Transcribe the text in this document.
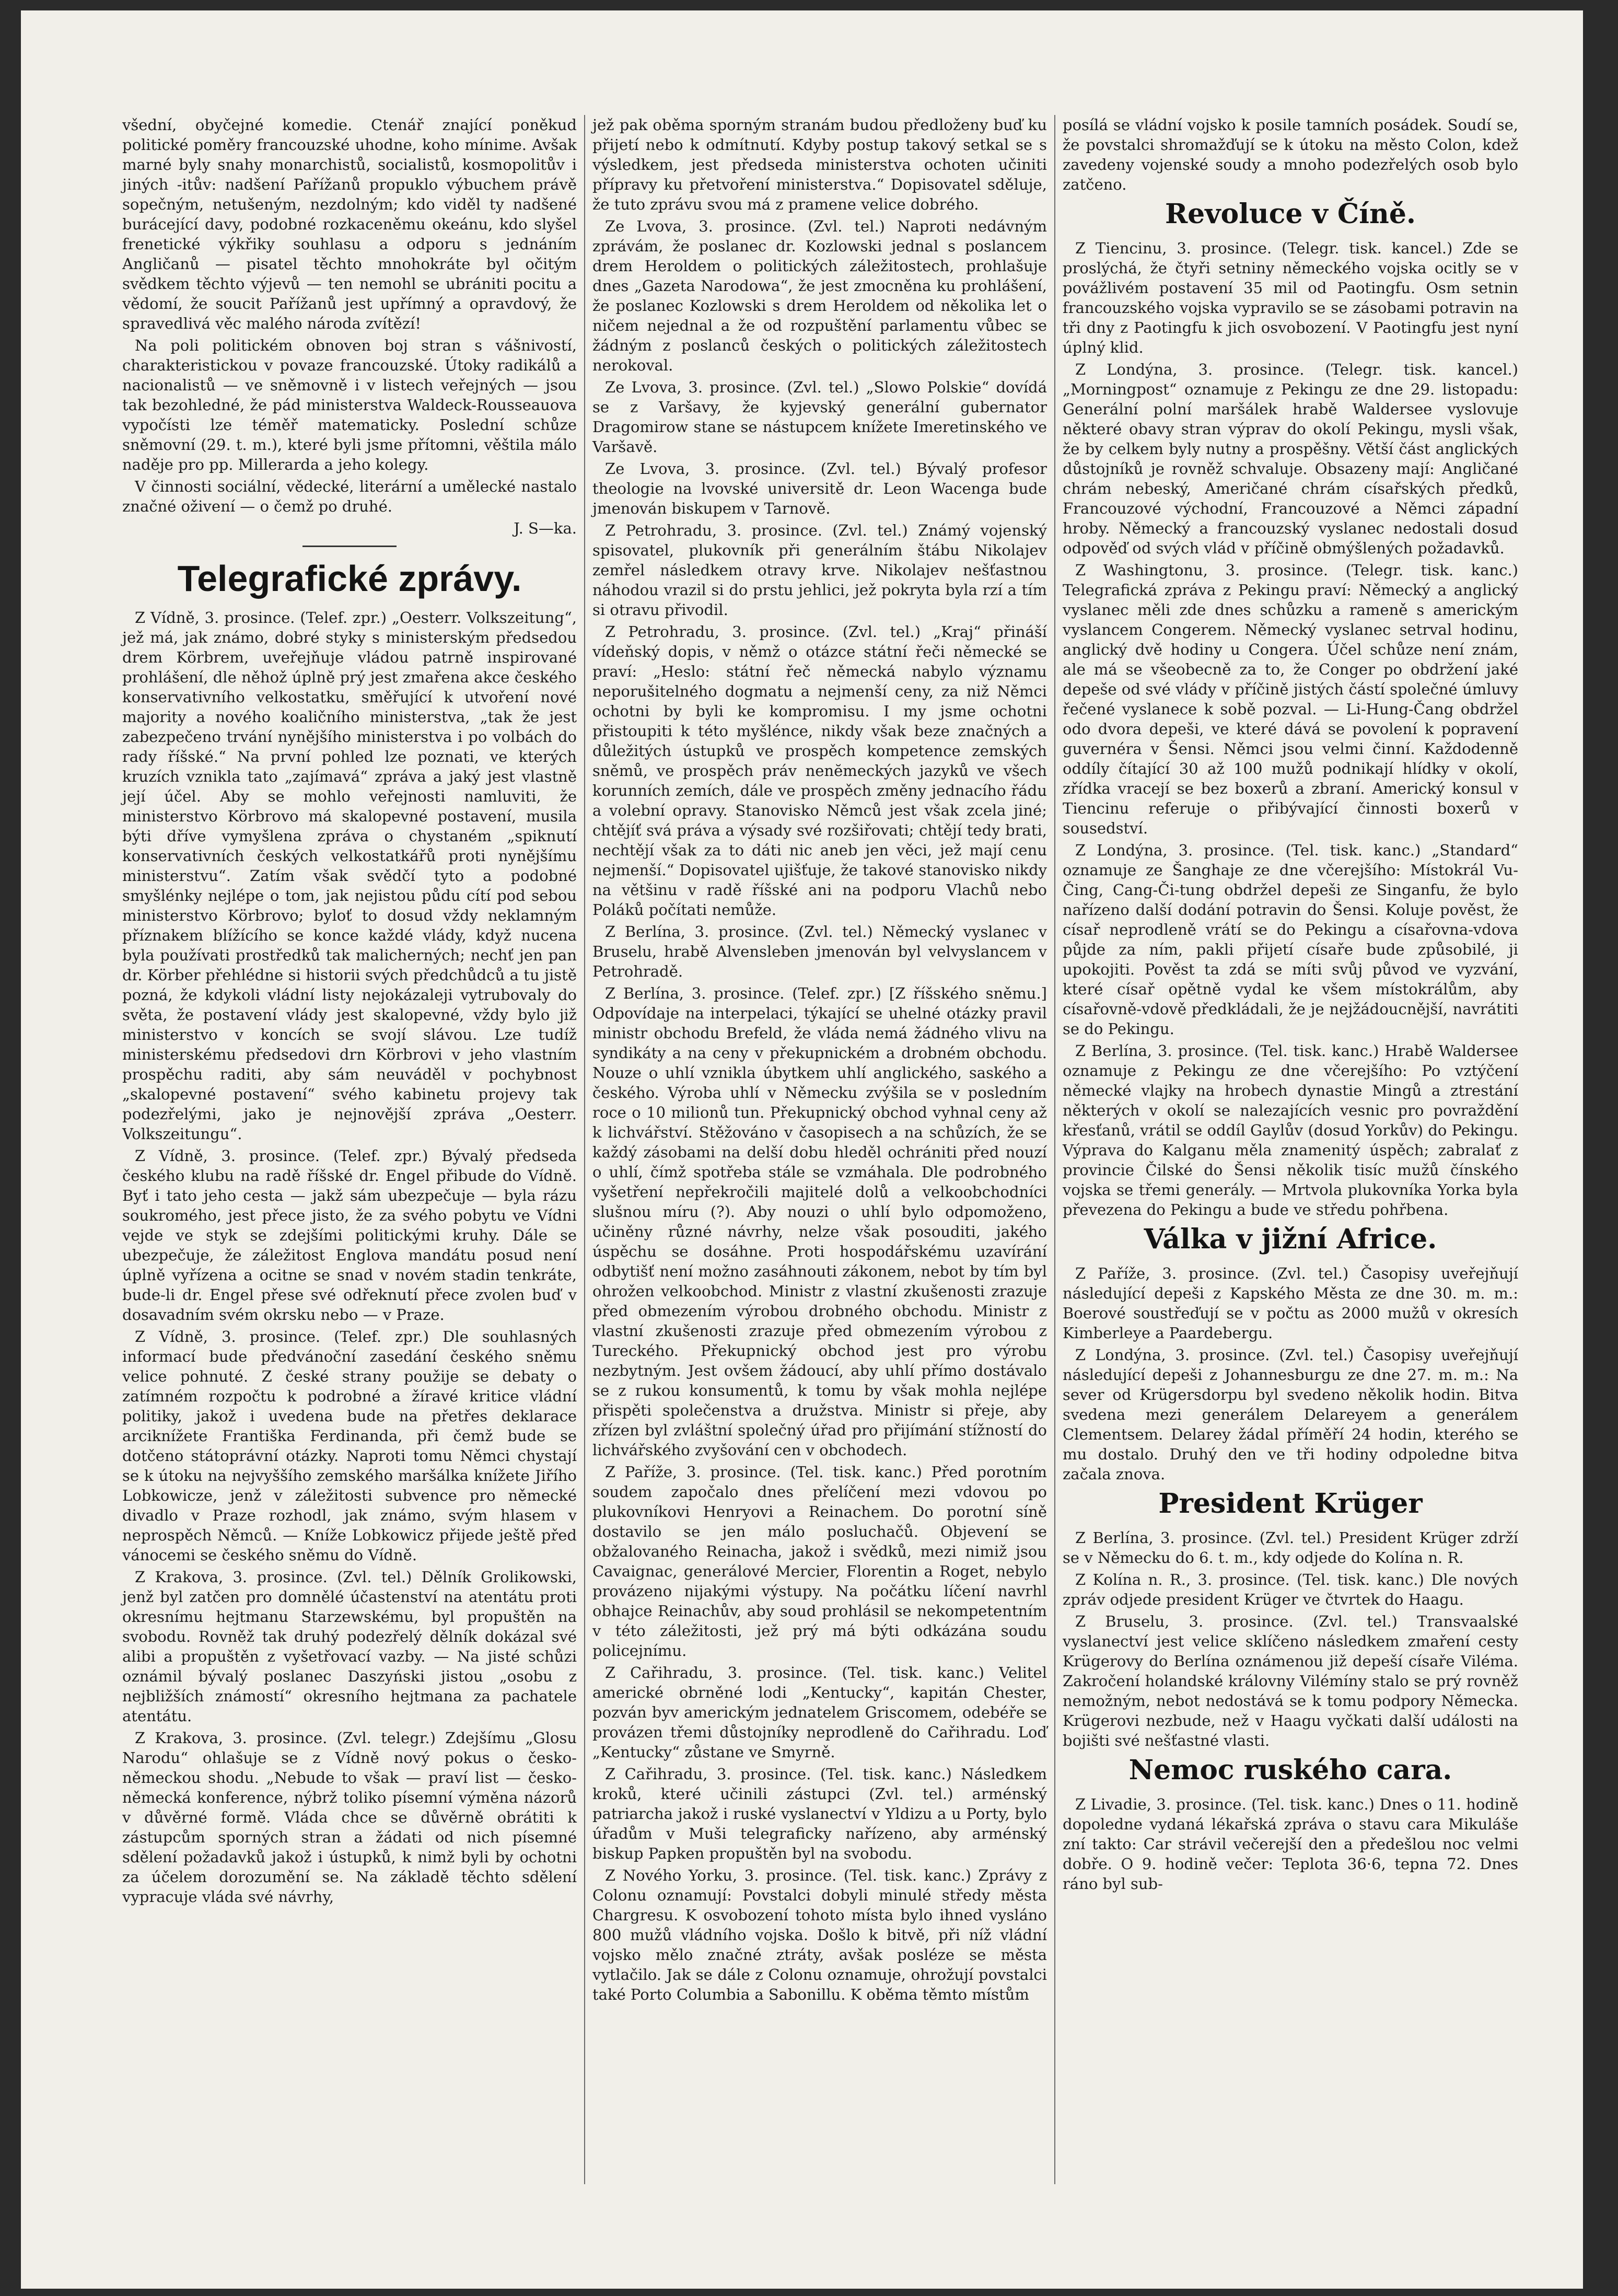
všední, obyčejné komedie. Ctenář znající poněkud politické poměry francouzské uhodne, koho mínime. Avšak marné byly snahy monarchistů, socialistů, kosmopolitův i jiných -itův: nadšení Pařížanů propuklo výbuchem právě sopečným, netušeným, nezdolným; kdo viděl ty nadšené burácející davy, podobné rozkaceněmu okeánu, kdo slyšel frenetické výkřiky souhlasu a odporu s jednáním Angličanů — pisatel těchto mnohokráte byl očitým svědkem těchto výjevů — ten nemohl se ubrániti pocitu a vědomí, že soucit Pařížanů jest upřímný a opravdový, že spravedlivá věc malého národa zvítězí!

Na poli politickém obnoven boj stran s vášnivostí, charakteristickou v povaze francouzské. Útoky radikálů a nacionalistů — ve sněmovně i v listech veřejných — jsou tak bezohledné, že pád ministerstva Waldeck-Rousseauova vypočísti lze téměř matematicky. Poslední schůze sněmovní (29. t. m.), které byli jsme přítomni, věštila málo naděje pro pp. Millerarda a jeho kolegy.

V činnosti sociální, vědecké, literární a umělecké nastalo značné oživení — o čemž po druhé.

J. S—ka.

Telegrafické zprávy.

Z Vídně, 3. prosince. (Telef. zpr.) „Oesterr. Volkszeitung“, jež má, jak známo, dobré styky s ministerským předsedou drem Körbrem, uveřejňuje vládou patrně inspirované prohlášení, dle něhož úplně prý jest zmařena akce českého konservativního velkostatku, směřující k utvoření nové majority a nového koaličního ministerstva, „tak že jest zabezpečeno trvání nynějšího ministerstva i po volbách do rady říšské.“ Na první pohled lze poznati, ve kterých kruzích vznikla tato „zajímavá“ zpráva a jaký jest vlastně její účel. Aby se mohlo veřejnosti namluviti, že ministerstvo Körbrovo má skalopevné postavení, musila býti dříve vymyšlena zpráva o chystaném „spiknutí konservativních českých velkostatkářů proti nynějšímu ministerstvu“. Zatím však svědčí tyto a podobné smyšlénky nejlépe o tom, jak nejistou půdu cítí pod sebou ministerstvo Körbrovo; byloť to dosud vždy neklamným příznakem blížícího se konce každé vlády, když nucena byla používati prostředků tak malicherných; nechť jen pan dr. Körber přehlédne si historii svých předchůdců a tu jistě pozná, že kdykoli vládní listy nejokázaleji vytrubovaly do světa, že postavení vlády jest skalopevné, vždy bylo již ministerstvo v koncích se svojí slávou. Lze tudíž ministerskému předsedovi drn Körbrovi v jeho vlastním prospěchu raditi, aby sám neuváděl v pochybnost „skalopevné postavení“ svého kabinetu projevy tak podezřelými, jako je nejnovější zpráva „Oesterr. Volkszeitungu“.

Z Vídně, 3. prosince. (Telef. zpr.) Bývalý předseda českého klubu na radě říšské dr. Engel přibude do Vídně. Byť i tato jeho cesta — jakž sám ubezpečuje — byla rázu soukromého, jest přece jisto, že za svého pobytu ve Vídni vejde ve styk se zdejšími politickými kruhy. Dále se ubezpečuje, že záležitost Englova mandátu posud není úplně vyřízena a ocitne se snad v novém stadin tenkráte, bude-li dr. Engel přese své odřeknutí přece zvolen buď v dosavadním svém okrsku nebo — v Praze.

Z Vídně, 3. prosince. (Telef. zpr.) Dle souhlasných informací bude předvánoční zasedání českého sněmu velice pohnuté. Z české strany použije se debaty o zatímném rozpočtu k podrobné a žíravé kritice vládní politiky, jakož i uvedena bude na přetřes deklarace arciknížete Františka Ferdinanda, při čemž bude se dotčeno státoprávní otázky. Naproti tomu Němci chystají se k útoku na nejvyššího zemského maršálka knížete Jiřího Lobkowicze, jenž v záležitosti subvence pro německé divadlo v Praze rozhodl, jak známo, svým hlasem v neprospěch Němců. — Kníže Lobkowicz přijede ještě před vánocemi se českého sněmu do Vídně.

Z Krakova, 3. prosince. (Zvl. tel.) Dělník Grolikowski, jenž byl zatčen pro domnělé účastenství na atentátu proti okresnímu hejtmanu Starzewskému, byl propuštěn na svobodu. Rovněž tak druhý podezřelý dělník dokázal své alibi a propuštěn z vyšetřovací vazby. — Na jisté schůzi oznámil bývalý poslanec Daszyński jistou „osobu z nejbližších známostí“ okresního hejtmana za pachatele atentátu.

Z Krakova, 3. prosince. (Zvl. telegr.) Zdejšímu „Glosu Narodu“ ohlašuje se z Vídně nový pokus o česko-německou shodu. „Nebude to však — praví list — česko-německá konference, nýbrž toliko písemní výměna názorů v důvěrné formě. Vláda chce se důvěrně obrátiti k zástupcům sporných stran a žádati od nich písemné sdělení požadavků jakož i ústupků, k nimž byli by ochotni za účelem dorozumění se. Na základě těchto sdělení vypracuje vláda své návrhy,

jež pak oběma sporným stranám budou předloženy buď ku přijetí nebo k odmítnutí. Kdyby postup takový setkal se s výsledkem, jest předseda ministerstva ochoten učiniti přípravy ku přetvoření ministerstva.“ Dopisovatel sděluje, že tuto zprávu svou má z pramene velice dobrého.

Ze Lvova, 3. prosince. (Zvl. tel.) Naproti nedávným zprávám, že poslanec dr. Kozlowski jednal s poslancem drem Heroldem o politických záležitostech, prohlašuje dnes „Gazeta Narodowa“, že jest zmocněna ku prohlášení, že poslanec Kozlowski s drem Heroldem od několika let o ničem nejednal a že od rozpuštění parlamentu vůbec se žádným z poslanců českých o politických záležitostech nerokoval.

Ze Lvova, 3. prosince. (Zvl. tel.) „Slowo Polskie“ dovídá se z Varšavy, že kyjevský generální gubernator Dragomirow stane se nástupcem knížete Imeretinského ve Varšavě.

Ze Lvova, 3. prosince. (Zvl. tel.) Bývalý profesor theologie na lvovské universitě dr. Leon Wacenga bude jmenován biskupem v Tarnově.

Z Petrohradu, 3. prosince. (Zvl. tel.) Známý vojenský spisovatel, plukovník při generálním štábu Nikolajev zemřel následkem otravy krve. Nikolajev nešťastnou náhodou vrazil si do prstu jehlici, jež pokryta byla rzí a tím si otravu přivodil.

Z Petrohradu, 3. prosince. (Zvl. tel.) „Kraj“ přináší vídeňský dopis, v němž o otázce státní řeči německé se praví: „Heslo: státní řeč německá nabylo významu neporušitelného dogmatu a nejmenší ceny, za niž Němci ochotni by byli ke kompromisu. I my jsme ochotni přistoupiti k této myšlénce, nikdy však beze značných a důležitých ústupků ve prospěch kompetence zemských sněmů, ve prospěch práv nenĕmeckých jazyků ve všech korunních zemích, dále ve prospěch změny jednacího řádu a volební opravy. Stanovisko Němců jest však zcela jiné; chtějíť svá práva a výsady své rozšiřovati; chtějí tedy brati, nechtějí však za to dáti nic aneb jen věci, jež mají cenu nejmenší.“ Dopisovatel ujišťuje, že takové stanovisko nikdy na většinu v radě říšské ani na podporu Vlachů nebo Poláků počítati nemůže.

Z Berlína, 3. prosince. (Zvl. tel.) Německý vyslanec v Bruselu, hrabě Alvensleben jmenován byl velvyslancem v Petrohradě.

Z Berlína, 3. prosince. (Telef. zpr.) [Z říšského sněmu.] Odpovídaje na interpelaci, týkající se uhelné otázky pravil ministr obchodu Brefeld, že vláda nemá žádného vlivu na syndikáty a na ceny v překupnickém a drobném obchodu. Nouze o uhlí vznikla úbytkem uhlí anglického, saského a českého. Výroba uhlí v Německu zvýšila se v posledním roce o 10 milionů tun. Překupnický obchod vyhnal ceny až k lichvářství. Stěžováno v časopisech a na schůzích, že se každý zásobami na delší dobu hleděl ochrániti před nouzí o uhlí, čímž spotřeba stále se vzmáhala. Dle podrobného vyšetření nepřekročili majitelé dolů a velkoobchodníci slušnou míru (?). Aby nouzi o uhlí bylo odpomoženo, učiněny různé návrhy, nelze však posouditi, jakého úspěchu se dosáhne. Proti hospodářskému uzavírání odbytišť není možno zasáhnouti zákonem, nebot by tím byl ohrožen velkoobchod. Ministr z vlastní zkušenosti zrazuje před obmezením výrobou drobného obchodu. Ministr z vlastní zkušenosti zrazuje před obmezením výrobou z Tureckého. Překupnický obchod jest pro výrobu nezbytným. Jest ovšem žádoucí, aby uhlí přímo dostávalo se z rukou konsumentů, k tomu by však mohla nejlépe přispěti společenstva a družstva. Ministr si přeje, aby zřízen byl zvláštní společný úřad pro přijímání stížností do lichvářského zvyšování cen v obchodech.

Z Paříže, 3. prosince. (Tel. tisk. kanc.) Před porotním soudem započalo dnes přelíčení mezi vdovou po plukovníkovi Henryovi a Reinachem. Do porotní síně dostavilo se jen málo posluchačů. Objevení se obžalovaného Reinacha, jakož i svědků, mezi nimiž jsou Cavaignac, generálové Mercier, Florentin a Roget, nebylo provázeno nijakými výstupy. Na počátku líčení navrhl obhajce Reinachův, aby soud prohlásil se nekompetentním v této záležitosti, jež prý má býti odkázána soudu policejnímu.

Z Cařihradu, 3. prosince. (Tel. tisk. kanc.) Velitel americké obrněné lodi „Kentucky“, kapitán Chester, pozván byv americkým jednatelem Griscomem, odebéře se provázen třemi důstojníky neprodleně do Cařihradu. Loď „Kentucky“ zůstane ve Smyrně.

Z Cařihradu, 3. prosince. (Tel. tisk. kanc.) Následkem kroků, které učinili zástupci (Zvl. tel.) arménský patriarcha jakož i ruské vyslanectví v Yldizu a u Porty, bylo úřadům v Muši telegraficky nařízeno, aby arménský biskup Papken propuštěn byl na svobodu.

Z Nového Yorku, 3. prosince. (Tel. tisk. kanc.) Zprávy z Colonu oznamují: Povstalci dobyli minulé středy města Chargresu. K osvobození tohoto místa bylo ihned vysláno 800 mužů vládního vojska. Došlo k bitvě, při níž vládní vojsko mělo značné ztráty, avšak posléze se města vytlačilo. Jak se dále z Colonu oznamuje, ohrožují povstalci také Porto Columbia a Sabonillu. K oběma těmto místům

posílá se vládní vojsko k posile tamních posádek. Soudí se, že povstalci shromažďují se k útoku na město Colon, kdež zavedeny vojenské soudy a mnoho podezřelých osob bylo zatčeno.

Revoluce v Číně.

Z Tiencinu, 3. prosince. (Telegr. tisk. kancel.) Zde se proslýchá, že čtyři setniny německého vojska ocitly se v povážlivém postavení 35 mil od Paotingfu. Osm setnin francouzského vojska vypravilo se se zásobami potravin na tři dny z Paotingfu k jich osvobození. V Paotingfu jest nyní úplný klid.

Z Londýna, 3. prosince. (Telegr. tisk. kancel.) „Morningpost“ oznamuje z Pekingu ze dne 29. listopadu: Generální polní maršálek hrabě Waldersee vyslovuje některé obavy stran výprav do okolí Pekingu, mysli však, že by celkem byly nutny a prospěšny. Větší část anglických důstojníků je rovněž schvaluje. Obsazeny mají: Angličané chrám nebeský, Američané chrám císařských předků, Francouzové východní, Francouzové a Němci západní hroby. Německý a francouzský vyslanec nedostali dosud odpověď od svých vlád v příčině obmýšlených požadavků.

Z Washingtonu, 3. prosince. (Telegr. tisk. kanc.) Telegrafická zpráva z Pekingu praví: Německý a anglický vyslanec měli zde dnes schůzku a rameně s americkým vyslancem Congerem. Německý vyslanec setrval hodinu, anglický dvě hodiny u Congera. Účel schůze není znám, ale má se všeobecně za to, že Conger po obdržení jaké depeše od své vlády v příčině jistých částí společné úmluvy řečené vyslanece k sobě pozval. — Li-Hung-Čang obdržel odo dvora depeši, ve které dává se povolení k popravení guvernéra v Šensi. Němci jsou velmi činní. Každodenně oddíly čítající 30 až 100 mužů podnikají hlídky v okolí, zřídka vracejí se bez boxerů a zbraní. Americký konsul v Tiencinu referuje o přibývající činnosti boxerů v sousedství.

Z Londýna, 3. prosince. (Tel. tisk. kanc.) „Standard“ oznamuje ze Šanghaje ze dne včerejšího: Místokrál Vu-Čing, Cang-Či-tung obdržel depeši ze Singanfu, že bylo nařízeno další dodání potravin do Šensi. Koluje pověst, že císař neprodleně vrátí se do Pekingu a císařovna-vdova půjde za ním, pakli přijetí císaře bude způsobilé, ji upokojiti. Pověst ta zdá se míti svůj původ ve vyzvání, které císař opětně vydal ke všem místokrálům, aby císařovně-vdově předkládali, že je nejžádoucnější, navrátiti se do Pekingu.

Z Berlína, 3. prosince. (Tel. tisk. kanc.) Hrabě Waldersee oznamuje z Pekingu ze dne včerejšího: Po vztýčení německé vlajky na hrobech dynastie Mingů a ztrestání některých v okolí se nalezajících vesnic pro povraždění křesťanů, vrátil se oddíl Gaylův (dosud Yorkův) do Pekingu. Výprava do Kalganu měla znamenitý úspěch; zabralať z provincie Čilské do Šensi několik tisíc mužů čínského vojska se třemi generály. — Mrtvola plukovníka Yorka byla převezena do Pekingu a bude ve středu pohřbena.

Válka v jižní Africe.

Z Paříže, 3. prosince. (Zvl. tel.) Časopisy uveřejňují následující depeši z Kapského Města ze dne 30. m. m.: Boerové soustřeďují se v počtu as 2000 mužů v okresích Kimberleye a Paardebergu.

Z Londýna, 3. prosince. (Zvl. tel.) Časopisy uveřejňují následující depeši z Johannesburgu ze dne 27. m. m.: Na sever od Krügersdorpu byl svedeno několik hodin. Bitva svedena mezi generálem Delareyem a generálem Clementsem. Delarey žádal příměří 24 hodin, kterého se mu dostalo. Druhý den ve tři hodiny odpoledne bitva začala znova.

President Krüger

Z Berlína, 3. prosince. (Zvl. tel.) President Krüger zdrží se v Německu do 6. t. m., kdy odjede do Kolína n. R.

Z Kolína n. R., 3. prosince. (Tel. tisk. kanc.) Dle nových zpráv odjede president Krüger ve čtvrtek do Haagu.

Z Bruselu, 3. prosince. (Zvl. tel.) Transvaalské vyslanectví jest velice sklíčeno následkem zmaření cesty Krügerovy do Berlína oznámenou již depeší císaře Viléma. Zakročení holandské královny Vilémíny stalo se prý rovněž nemožným, nebot nedostává se k tomu podpory Německa. Krügerovi nezbude, než v Haagu vyčkati další události na bojišti své nešťastné vlasti.

Nemoc ruského cara.

Z Livadie, 3. prosince. (Tel. tisk. kanc.) Dnes o 11. hodině dopoledne vydaná lékařská zpráva o stavu cara Mikuláše zní takto: Car strávil večerejší den a předešlou noc velmi dobře. O 9. hodině večer: Teplotа 36·6, tepna 72. Dnes ráno byl sub-
